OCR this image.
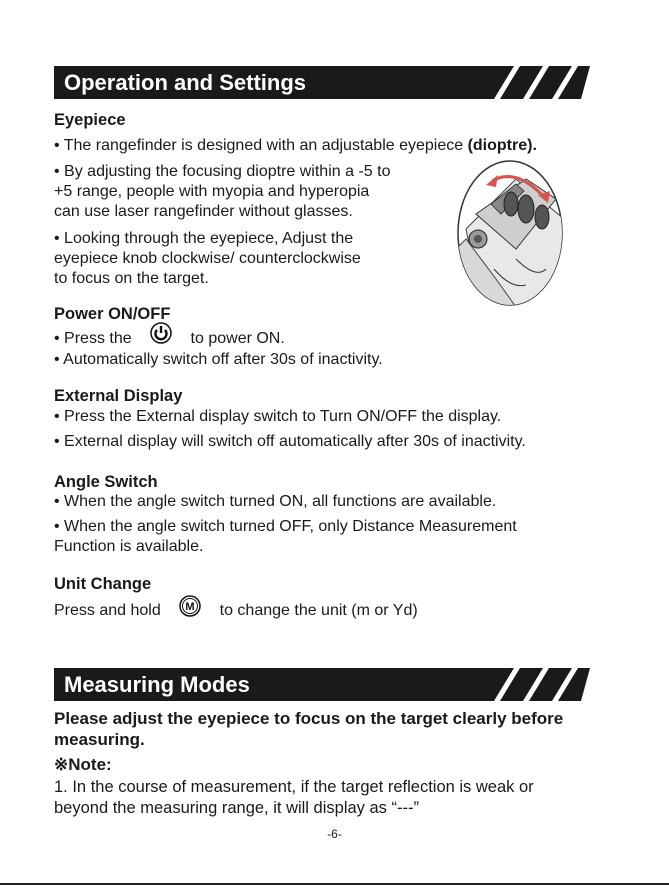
Operation and Settings

Eyepiece

• The rangefinder is designed with an adjustable eyepiece (dioptre).

• By adjusting the focusing dioptre within a -5 to

+5 range, people with myopia and hyperopia

can use laser rangefinder without glasses.

• Looking through the eyepiece, Adjust the

eyepiece knob clockwise/ counterclockwise

to focus on the target.

Power ON/OFF

• Press the	to power ON.

• Automatically switch off after 30s of inactivity.

External Display

• Press the External display switch to Turn ON/OFF the display.

• External display will switch off automatically after 30s of inactivity.

Angle Switch

• When the angle switch turned ON, all functions are available.

• When the angle switch turned OFF, only Distance Measurement

Function is available.

Unit Change

Press and hold M to change the unit (m or Yd)

Measuring Modes

Please adjust the eyepiece to focus on the target clearly before

measuring.

※Note:

1. In the course of measurement, if the target reflection is weak or

beyond the measuring range, it will display as “---”

-6-
